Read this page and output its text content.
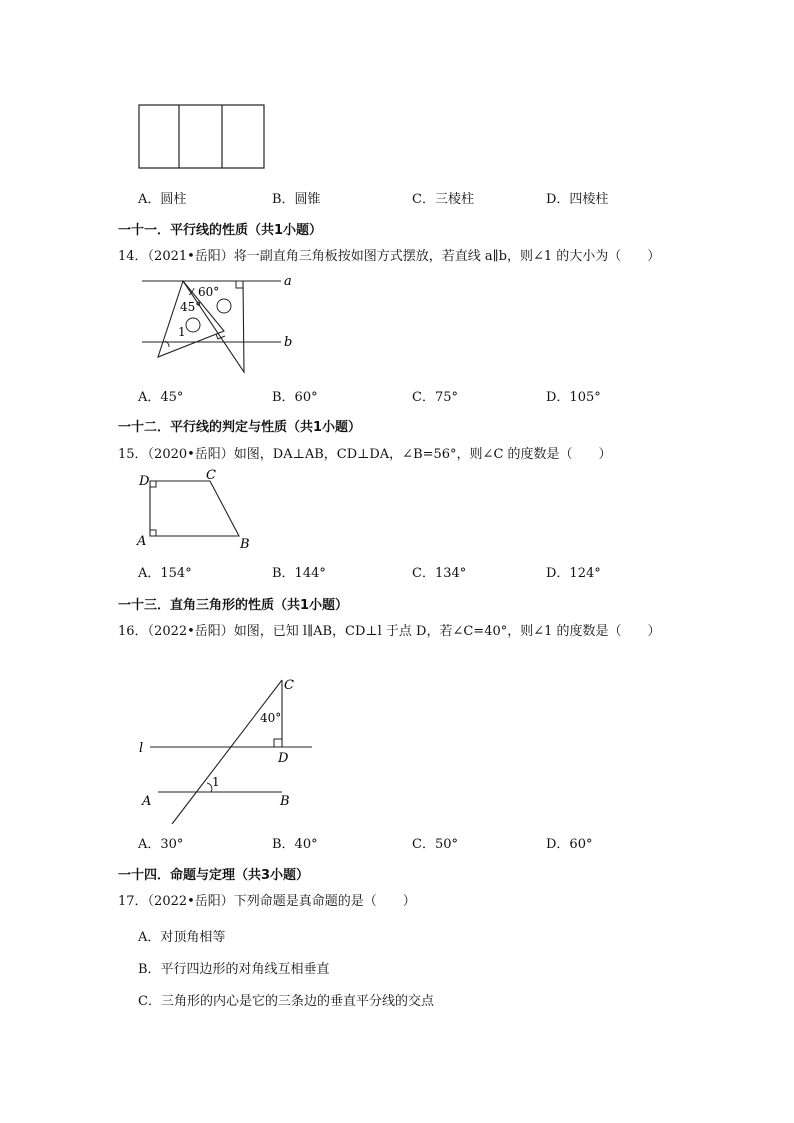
A．圆柱	B．圆锥	C．三棱柱	D．四棱柱
一十一．平行线的性质（共1小题）
14．（2021•岳阳）将一副直角三角板按如图方式摆放，若直线 a∥b，则∠1 的大小为（　　）
a
b
60°
45°
1
A．45°	B．60°	C．75°	D．105°
一十二．平行线的判定与性质（共1小题）
15．（2020•岳阳）如图，DA⊥AB，CD⊥DA，∠B=56°，则∠C 的度数是（　　）
D	C
A	B
A．154°	B．144°	C．134°	D．124°
一十三．直角三角形的性质（共1小题）
16．（2022•岳阳）如图，已知 l∥AB，CD⊥l 于点 D，若∠C=40°，则∠1 的度数是（　　）
C
40°
l
D
A	B
1
A．30°	B．40°	C．50°	D．60°
一十四．命题与定理（共3小题）
17．（2022•岳阳）下列命题是真命题的是（　　）
A．对顶角相等
B．平行四边形的对角线互相垂直
C．三角形的内心是它的三条边的垂直平分线的交点
